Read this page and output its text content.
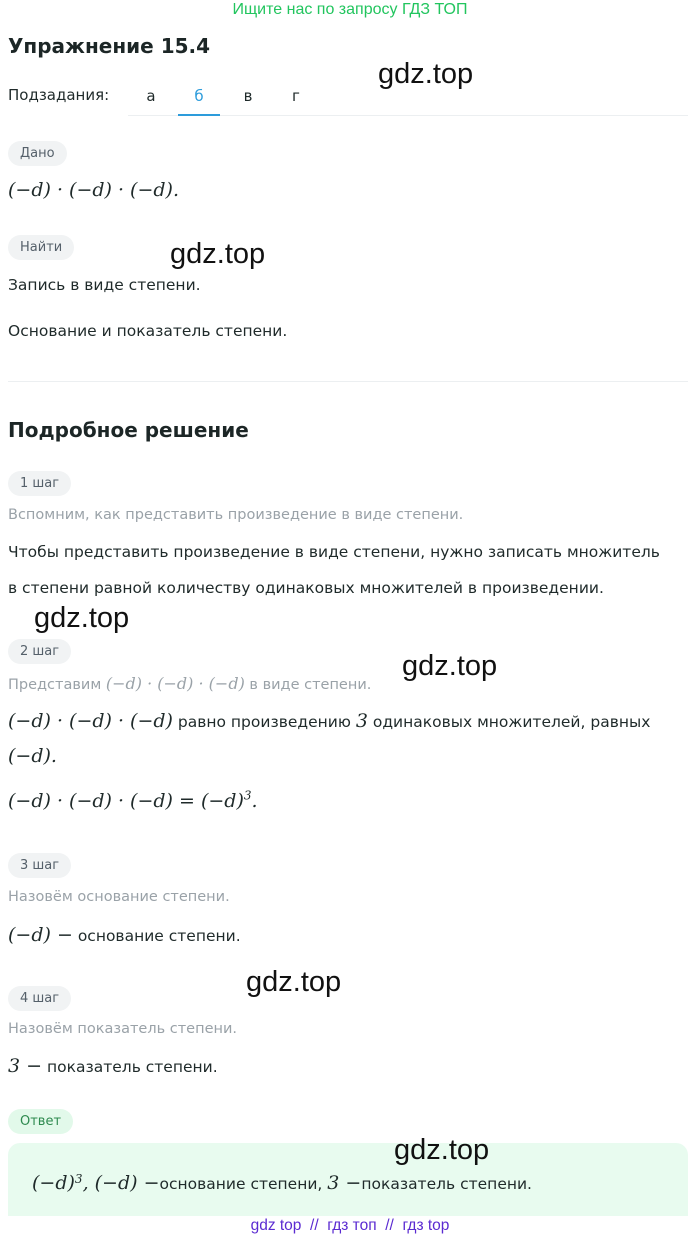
Ищите нас по запросу ГДЗ ТОП
Упражнение 15.4
Подзадания:	а	б	в	г
Дано
(−d) · (−d) · (−d).
Найти
Запись в виде степени.
Основание и показатель степени.
Подробное решение
1 шаг
Вспомним, как представить произведение в виде степени.
Чтобы представить произведение в виде степени, нужно записать множитель
в степени равной количеству одинаковых множителей в произведении.
2 шаг
Представим (−d) · (−d) · (−d) в виде степени.
(−d) · (−d) · (−d) равно произведению 3 одинаковых множителей, равных
(−d).
$(-d) \cdot (-d) \cdot (-d) = (-d)^3$.
3 шаг
Назовём основание степени.
(−d) − основание степени.
4 шаг
Назовём показатель степени.
3 − показатель степени.
Ответ
$(-d)^3$, (−d) −основание степени, 3 −показатель степени.
gdz.top
gdz.top
gdz.top
gdz.top
gdz.top
gdz.top
gdz top  //  гдз топ  //  гдз top
